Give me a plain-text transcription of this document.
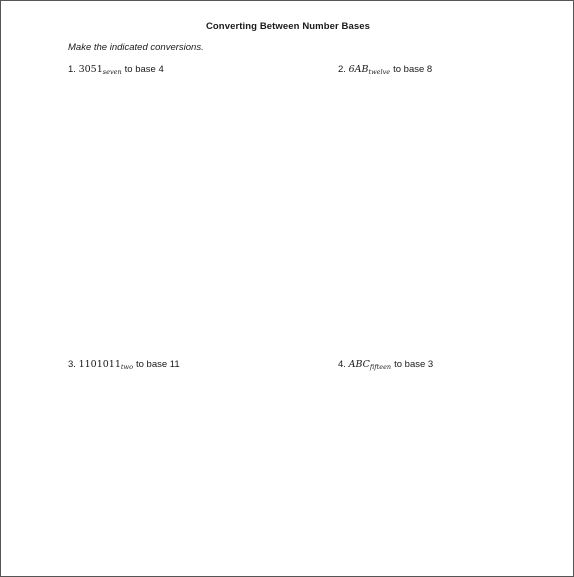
Converting Between Number Bases
Make the indicated conversions.
1. $3051_{seven}$ to base 4	2. $6AB_{twelve}$ to base 8
3. $1101011_{two}$ to base 11	4. $ABC_{fifteen}$ to base 3
